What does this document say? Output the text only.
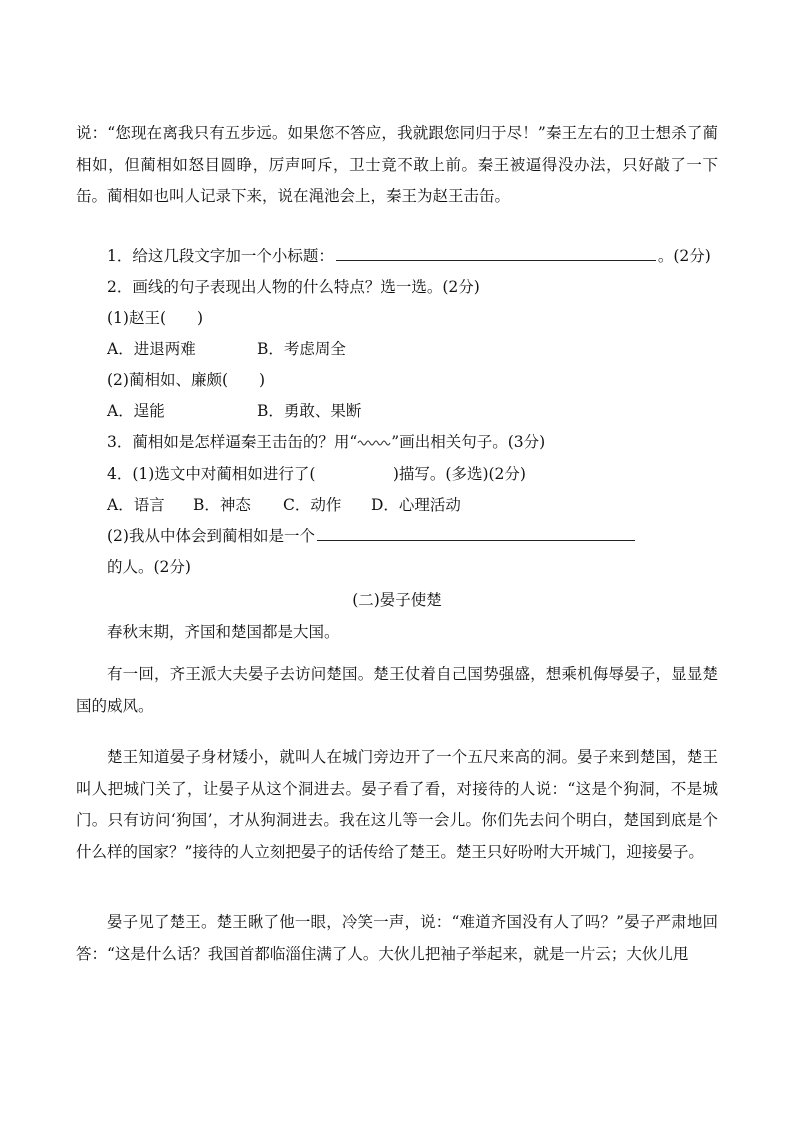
说：“您现在离我只有五步远。如果您不答应，我就跟您同归于尽！”秦王左右的卫士想杀了蔺相如，但蔺相如怒目圆睁，厉声呵斥，卫士竟不敢上前。秦王被逼得没办法，只好敲了一下缶。蔺相如也叫人记录下来，说在渑池会上，秦王为赵王击缶。
1．给这几段文字加一个小标题：	。(2分)
2．画线的句子表现出人物的什么特点？选一选。(2分)
(1)赵王(　　)
A．进退两难	B．考虑周全
(2)蔺相如、廉颇(　　)
A．逞能	B．勇敢、果断
3．蔺相如是怎样逼秦王击缶的？用“ ”画出相关句子。(3分)
4．(1)选文中对蔺相如进行了(　　　　　)描写。(多选)(2分)
A．语言 B．神态 C．动作 D．心理活动
(2)我从中体会到蔺相如是一个
的人。(2分)
(二)晏子使楚
春秋末期，齐国和楚国都是大国。
有一回，齐王派大夫晏子去访问楚国。楚王仗着自己国势强盛，想乘机侮辱晏子，显显楚国的威风。
楚王知道晏子身材矮小，就叫人在城门旁边开了一个五尺来高的洞。晏子来到楚国，楚王叫人把城门关了，让晏子从这个洞进去。晏子看了看，对接待的人说：“这是个狗洞，不是城门。只有访问‘狗国’，才从狗洞进去。我在这儿等一会儿。你们先去问个明白，楚国到底是个什么样的国家？”接待的人立刻把晏子的话传给了楚王。楚王只好吩咐大开城门，迎接晏子。
晏子见了楚王。楚王瞅了他一眼，冷笑一声，说：“难道齐国没有人了吗？”晏子严肃地回答：“这是什么话？我国首都临淄住满了人。大伙儿把袖子举起来，就是一片云；大伙儿甩
